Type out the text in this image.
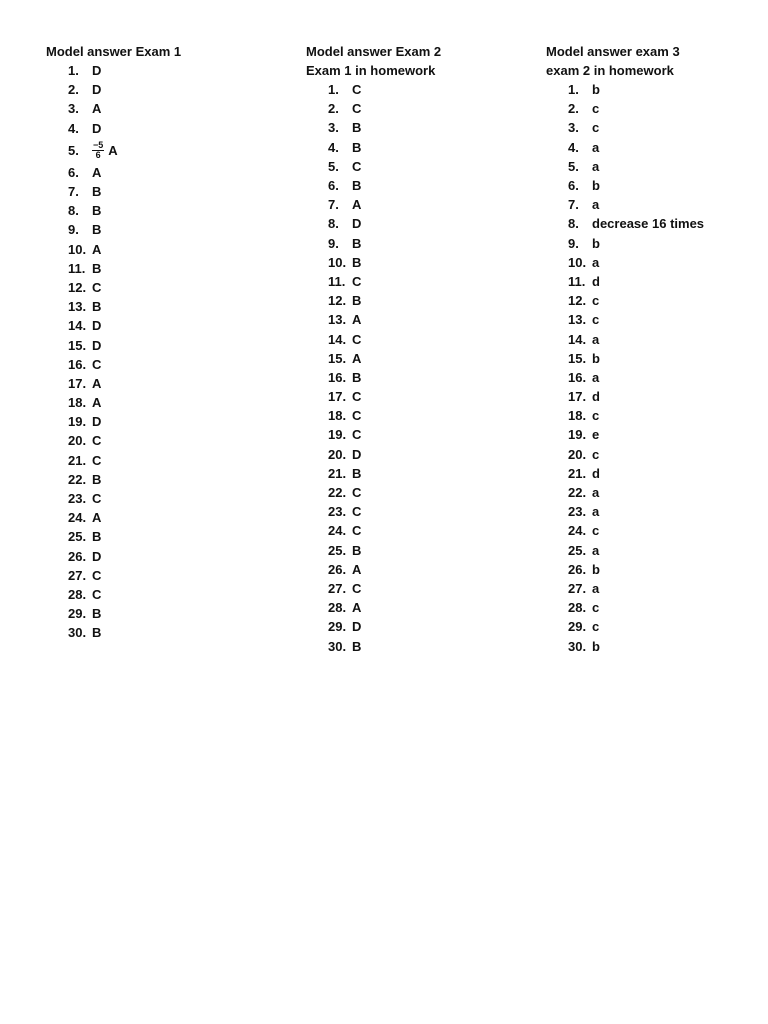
Model answer Exam 1
1.	D
2.	D
3.	A
4.	D
5.	$\frac{-5}{6}$ A
6.	A
7.	B
8.	B
9.	B
10. A
11. B
12. C
13. B
14. D
15. D
16. C
17. A
18. A
19. D
20. C
21. C
22. B
23. C
24. A
25. B
26. D
27. C
28. C
29. B
30. B
Model answer Exam 2
Exam 1 in homework
1.	C
2.	C
3.	B
4.	B
5.	C
6.	B
7.	A
8.	D
9.	B
10. B
11. C
12. B
13. A
14. C
15. A
16. B
17. C
18. C
19. C
20. D
21. B
22. C
23. C
24. C
25. B
26. A
27. C
28. A
29. D
30. B
Model answer exam 3
exam 2 in homework
1.	b
2.	c
3.	c
4.	a
5.	a
6.	b
7.	a
8.	decrease 16 times
9.	b
10. a
11. d
12. c
13. c
14. a
15. b
16. a
17. d
18. c
19. e
20. c
21. d
22. a
23. a
24. c
25. a
26. b
27. a
28. c
29. c
30. b
